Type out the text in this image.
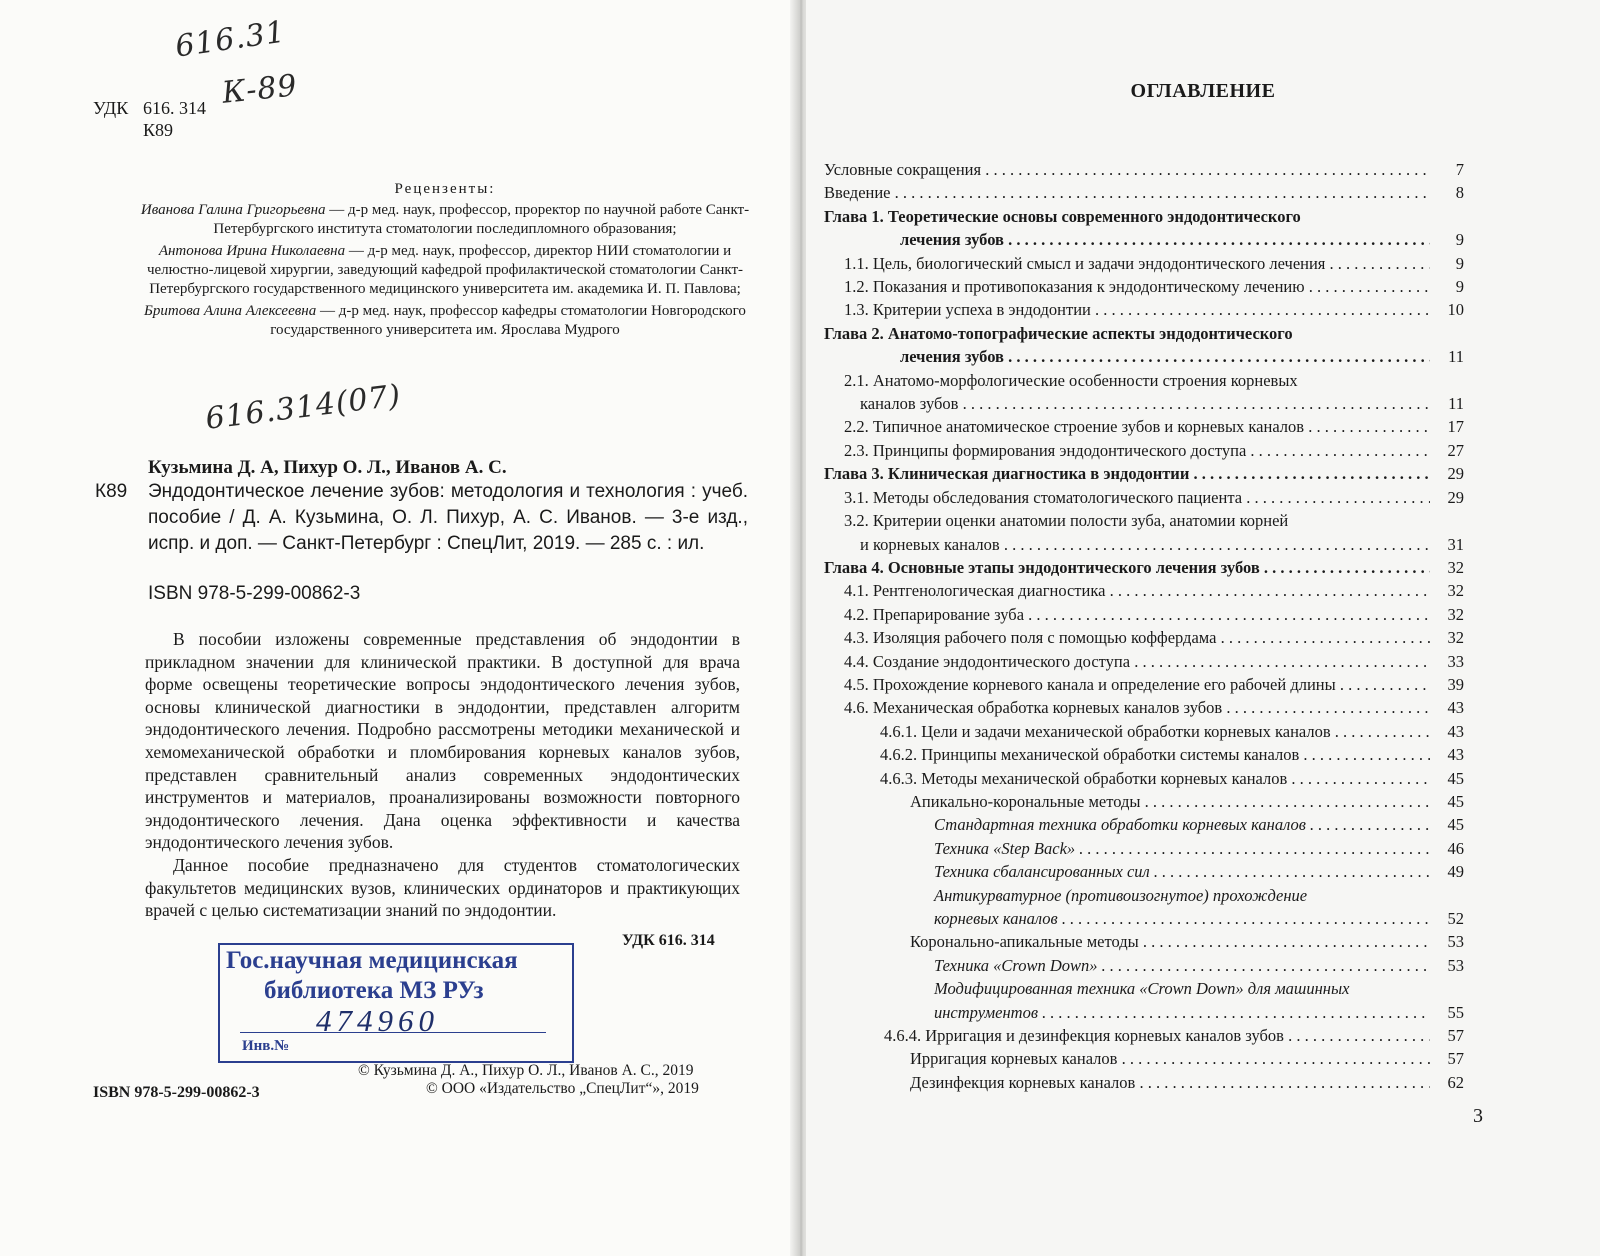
616.31
К-89
УДК 616. 314
К89
Рецензенты:

Иванова Галина Григорьевна — д-р мед. наук, профессор, проректор по научной работе Санкт-Петербургского института стоматологии последипломного образования;

Антонова Ирина Николаевна — д-р мед. наук, профессор, директор НИИ стоматологии и челюстно-лицевой хирургии, заведующий кафедрой профилактической стоматологии Санкт-Петербургского государственного медицинского университета им. академика И. П. Павлова;

Бритова Алина Алексеевна — д-р мед. наук, профессор кафедры стоматологии Новгородского государственного университета им. Ярослава Мудрого

616.314(07)
Кузьмина Д. А, Пихур О. Л., Иванов А. С.
К89 Эндодонтическое лечение зубов: методология и технология : учеб. пособие / Д. А. Кузьмина, О. Л. Пихур, А. С. Иванов. — 3-е изд., испр. и доп. — Санкт-Петербург : СпецЛит, 2019. — 285 с. : ил.
ISBN 978-5-299-00862-3

В пособии изложены современные представления об эндодонтии в прикладном значении для клинической практики. В доступной для врача форме освещены теоретические вопросы эндодонтического лечения зубов, основы клинической диагностики в эндодонтии, представлен алгоритм эндодонтического лечения. Подробно рассмотрены методики механической и хемомеханической обработки и пломбирования корневых каналов зубов, представлен сравнительный анализ современных эндодонтических инструментов и материалов, проанализированы возможности повторного эндодонтического лечения. Дана оценка эффективности и качества эндодонтического лечения зубов.

Данное пособие предназначено для студентов стоматологических факультетов медицинских вузов, клинических ординаторов и практикующих врачей с целью систематизации знаний по эндодонтии.

УДК 616. 314
Гос.научная медицинская
библиотека МЗ РУз
474960
Инв.№
© Кузьмина Д. А., Пихур О. Л., Иванов А. С., 2019
ISBN 978-5-299-00862-3	© ООО «Издательство „СпецЛит“», 2019
ОГЛАВЛЕНИЕ
Условные сокращения . . .	7
Введение . . .	8
Глава 1. Теоретические основы современного эндодонтического
лечения зубов . . .	9
1.1. Цель, биологический смысл и задачи эндодонтического лечения . . .	9
1.2. Показания и противопоказания к эндодонтическому лечению . . .	9
1.3. Критерии успеха в эндодонтии . . .	10
Глава 2. Анатомо-топографические аспекты эндодонтического
лечения зубов . . .	11
2.1. Анатомо-морфологические особенности строения корневых
каналов зубов . . .	11
2.2. Типичное анатомическое строение зубов и корневых каналов . . .	17
2.3. Принципы формирования эндодонтического доступа . . .	27
Глава 3. Клиническая диагностика в эндодонтии . . .	29
3.1. Методы обследования стоматологического пациента . . .	29
3.2. Критерии оценки анатомии полости зуба, анатомии корней
и корневых каналов . . .	31
Глава 4. Основные этапы эндодонтического лечения зубов . . .	32
4.1. Рентгенологическая диагностика . . .	32
4.2. Препарирование зуба . . .	32
4.3. Изоляция рабочего поля с помощью коффердама . . .	32
4.4. Создание эндодонтического доступа . . .	33
4.5. Прохождение корневого канала и определение его рабочей длины . . .	39
4.6. Механическая обработка корневых каналов зубов . . .	43
4.6.1. Цели и задачи механической обработки корневых каналов . . .	43
4.6.2. Принципы механической обработки системы каналов . . .	43
4.6.3. Методы механической обработки корневых каналов . . .	45
Апикально-корональные методы . . .	45
Стандартная техника обработки корневых каналов . . .	45
Техника «Step Back» . . .	46
Техника сбалансированных сил . . .	49
Антикурватурное (противоизогнутое) прохождение
корневых каналов . . .	52
Коронально-апикальные методы . . .	53
Техника «Crown Down» . . .	53
Модифицированная техника «Crown Down» для машинных
инструментов . . .	55
4.6.4. Ирригация и дезинфекция корневых каналов зубов . . .	57
Ирригация корневых каналов . . .	57
Дезинфекция корневых каналов . . .	62
3
